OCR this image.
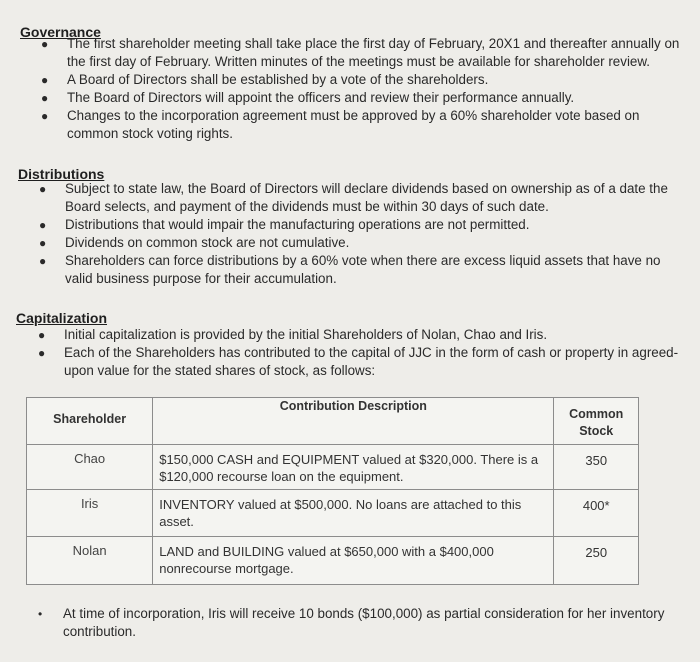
Governance
● The first shareholder meeting shall take place the first day of February, 20X1 and thereafter annually on the first day of February. Written minutes of the meetings must be available for shareholder review.
● A Board of Directors shall be established by a vote of the shareholders.
● The Board of Directors will appoint the officers and review their performance annually.
● Changes to the incorporation agreement must be approved by a 60% shareholder vote based on common stock voting rights.
Distributions
● Subject to state law, the Board of Directors will declare dividends based on ownership as of a date the Board selects, and payment of the dividends must be within 30 days of such date.
● Distributions that would impair the manufacturing operations are not permitted.
● Dividends on common stock are not cumulative.
● Shareholders can force distributions by a 60% vote when there are excess liquid assets that have no valid business purpose for their accumulation.
Capitalization
● Initial capitalization is provided by the initial Shareholders of Nolan, Chao and Iris.
● Each of the Shareholders has contributed to the capital of JJC in the form of cash or property in agreed-upon value for the stated shares of stock, as follows:
Shareholder	Contribution Description	Common
Stock

Chao	$150,000 CASH and EQUIPMENT valued at $320,000. There is a $120,000 recourse loan on the equipment.	350
Iris	INVENTORY valued at $500,000. No loans are attached to this asset.	400*
Nolan	LAND and BUILDING valued at $650,000 with a $400,000 nonrecourse mortgage.	250
• At time of incorporation, Iris will receive 10 bonds ($100,000) as partial consideration for her inventory contribution.
